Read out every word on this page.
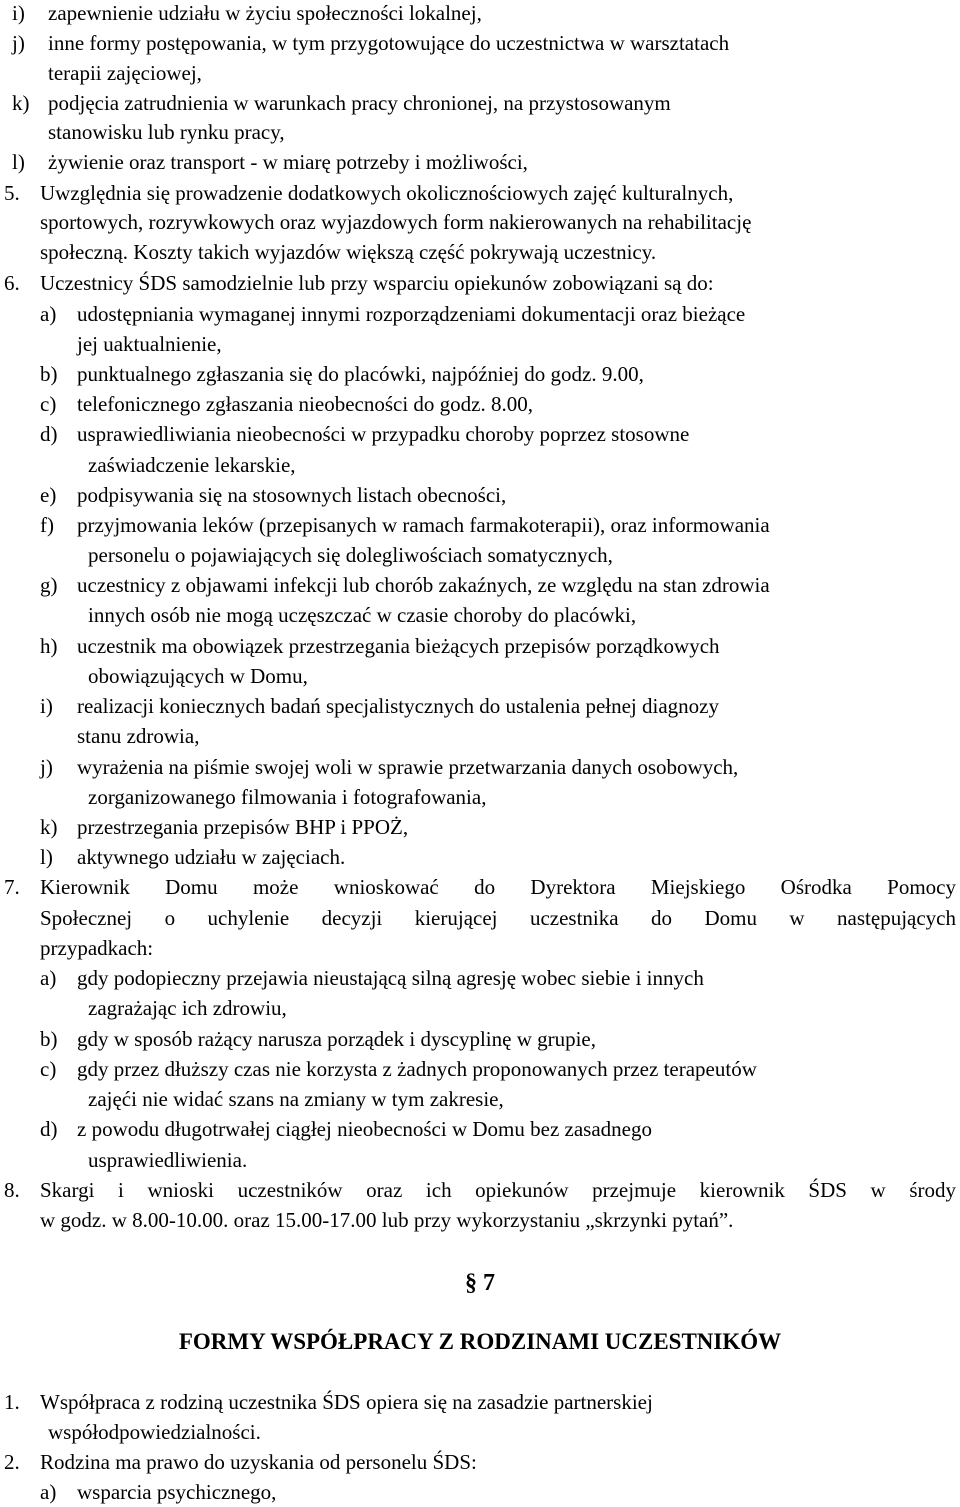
i) zapewnienie udziału w życiu społeczności lokalnej,
j) inne formy postępowania, w tym przygotowujące do uczestnictwa w warsztatach
terapii zajęciowej,
k) podjęcia zatrudnienia w warunkach pracy chronionej, na przystosowanym
stanowisku lub rynku pracy,
l) żywienie oraz transport - w miarę potrzeby i możliwości,
5. Uwzględnia się prowadzenie dodatkowych okolicznościowych zajęć kulturalnych,
sportowych, rozrywkowych oraz wyjazdowych form nakierowanych na rehabilitację
społeczną. Koszty takich wyjazdów większą część pokrywają uczestnicy.
6. Uczestnicy ŚDS samodzielnie lub przy wsparciu opiekunów zobowiązani są do:
a) udostępniania wymaganej innymi rozporządzeniami dokumentacji oraz bieżące
jej uaktualnienie,
b) punktualnego zgłaszania się do placówki, najpóźniej do godz. 9.00,
c) telefonicznego zgłaszania nieobecności do godz. 8.00,
d) usprawiedliwiania nieobecności w przypadku choroby poprzez stosowne
zaświadczenie lekarskie,
e) podpisywania się na stosownych listach obecności,
f) przyjmowania leków (przepisanych w ramach farmakoterapii), oraz informowania
personelu o pojawiających się dolegliwościach somatycznych,
g) uczestnicy z objawami infekcji lub chorób zakaźnych, ze względu na stan zdrowia
innych osób nie mogą uczęszczać w czasie choroby do placówki,
h) uczestnik ma obowiązek przestrzegania bieżących przepisów porządkowych
obowiązujących w Domu,
i) realizacji koniecznych badań specjalistycznych do ustalenia pełnej diagnozy
stanu zdrowia,
j) wyrażenia na piśmie swojej woli w sprawie przetwarzania danych osobowych,
zorganizowanego filmowania i fotografowania,
k) przestrzegania przepisów BHP i PPOŻ,
l) aktywnego udziału w zajęciach.
7. Kierownik Domu może wnioskować do Dyrektora Miejskiego Ośrodka Pomocy
Społecznej o uchylenie decyzji kierującej uczestnika do Domu w następujących
przypadkach:
a) gdy podopieczny przejawia nieustającą silną agresję wobec siebie i innych
zagrażając ich zdrowiu,
b) gdy w sposób rażący narusza porządek i dyscyplinę w grupie,
c) gdy przez dłuższy czas nie korzysta z żadnych proponowanych przez terapeutów
zajęći nie widać szans na zmiany w tym zakresie,
d) z powodu długotrwałej ciągłej nieobecności w Domu bez zasadnego
usprawiedliwienia.
8. Skargi i wnioski uczestników oraz ich opiekunów przejmuje kierownik ŚDS w środy
w godz. w 8.00-10.00. oraz 15.00-17.00 lub przy wykorzystaniu „skrzynki pytań”.
§ 7
FORMY WSPÓŁPRACY Z RODZINAMI UCZESTNIKÓW
1. Współpraca z rodziną uczestnika ŚDS opiera się na zasadzie partnerskiej
współodpowiedzialności.
2. Rodzina ma prawo do uzyskania od personelu ŚDS:
a) wsparcia psychicznego,
